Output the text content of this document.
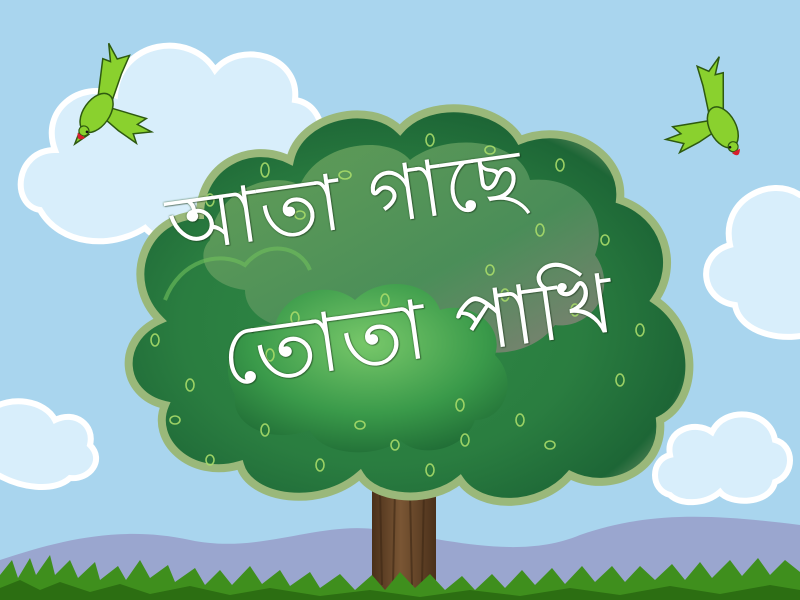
আতা গাছে
তোতা পাখি
